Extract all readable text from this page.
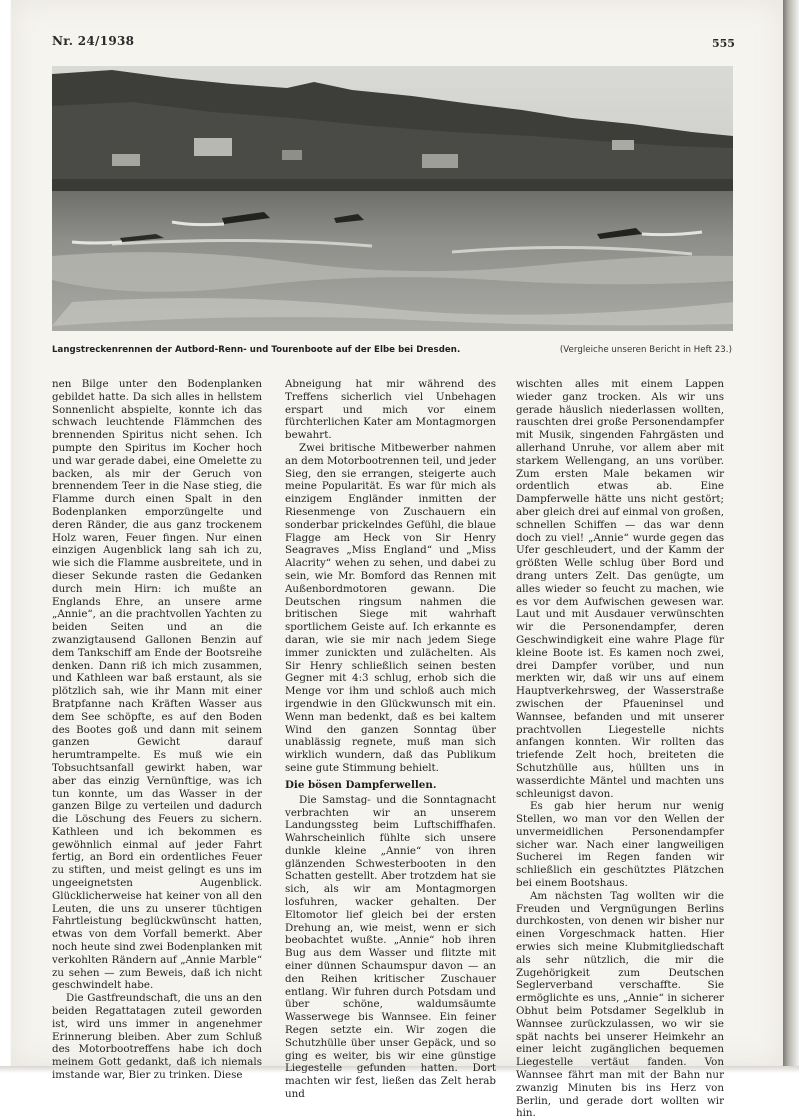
Nr. 24/1938	555
Langstreckenrennen der Autbord-Renn- und Tourenboote auf der Elbe bei Dresden.	(Vergleiche unseren Bericht in Heft 23.)

nen Bilge unter den Bodenplanken gebildet hatte. Da sich alles in hellstem Sonnenlicht abspielte, konnte ich das schwach leuchtende Flämmchen des brennenden Spiritus nicht sehen. Ich pumpte den Spiritus im Kocher hoch und war gerade dabei, eine Omelette zu backen, als mir der Geruch von brennendem Teer in die Nase stieg, die Flamme durch einen Spalt in den Bodenplanken emporzüngelte und deren Ränder, die aus ganz trockenem Holz waren, Feuer fingen. Nur einen einzigen Augenblick lang sah ich zu, wie sich die Flamme ausbreitete, und in dieser Sekunde rasten die Gedanken durch mein Hirn: ich mußte an Englands Ehre, an unsere arme „Annie“, an die prachtvollen Yachten zu beiden Seiten und an die zwanzigtausend Gallonen Benzin auf dem Tankschiff am Ende der Bootsreihe denken. Dann riß ich mich zusammen, und Kathleen war baß erstaunt, als sie plötzlich sah, wie ihr Mann mit einer Bratpfanne nach Kräften Wasser aus dem See schöpfte, es auf den Boden des Bootes goß und dann mit seinem ganzen Gewicht darauf herumtrampelte. Es muß wie ein Tobsuchtsanfall gewirkt haben, war aber das einzig Vernünftige, was ich tun konnte, um das Wasser in der ganzen Bilge zu verteilen und dadurch die Löschung des Feuers zu sichern. Kathleen und ich bekommen es gewöhnlich einmal auf jeder Fahrt fertig, an Bord ein ordentliches Feuer zu stiften, und meist gelingt es uns im ungeeignetsten Augenblick. Glücklicherweise hat keiner von all den Leuten, die uns zu unserer tüchtigen Fahrtleistung beglückwünscht hatten, etwas von dem Vorfall bemerkt. Aber noch heute sind zwei Bodenplanken mit verkohlten Rändern auf „Annie Marble“ zu sehen — zum Beweis, daß ich nicht geschwindelt habe.

Die Gastfreundschaft, die uns an den beiden Regattatagen zuteil geworden ist, wird uns immer in angenehmer Erinnerung bleiben. Aber zum Schluß des Motorbootreffens habe ich doch meinem Gott gedankt, daß ich niemals imstande war, Bier zu trinken. Diese

Abneigung hat mir während des Treffens sicherlich viel Unbehagen erspart und mich vor einem fürchterlichen Kater am Montagmorgen bewahrt.

Zwei britische Mitbewerber nahmen an dem Motorbootrennen teil, und jeder Sieg, den sie errangen, steigerte auch meine Popularität. Es war für mich als einzigem Engländer inmitten der Riesenmenge von Zuschauern ein sonderbar prickelndes Gefühl, die blaue Flagge am Heck von Sir Henry Seagraves „Miss England“ und „Miss Alacrity“ wehen zu sehen, und dabei zu sein, wie Mr. Bomford das Rennen mit Außenbordmotoren gewann. Die Deutschen ringsum nahmen die britischen Siege mit wahrhaft sportlichem Geiste auf. Ich erkannte es daran, wie sie mir nach jedem Siege immer zunickten und zulächelten. Als Sir Henry schließlich seinen besten Gegner mit 4:3 schlug, erhob sich die Menge vor ihm und schloß auch mich irgendwie in den Glückwunsch mit ein. Wenn man bedenkt, daß es bei kaltem Wind den ganzen Sonntag über unablässig regnete, muß man sich wirklich wundern, daß das Publikum seine gute Stimmung behielt.

Die bösen Dampferwellen.

Die Samstag- und die Sonntagnacht verbrachten wir an unserem Landungssteg beim Luftschiffhafen. Wahrscheinlich fühlte sich unsere dunkle kleine „Annie“ von ihren glänzenden Schwesterbooten in den Schatten gestellt. Aber trotzdem hat sie sich, als wir am Montagmorgen losfuhren, wacker gehalten. Der Eltomotor lief gleich bei der ersten Drehung an, wie meist, wenn er sich beobachtet wußte. „Annie“ hob ihren Bug aus dem Wasser und flitzte mit einer dünnen Schaumspur davon — an den Reihen kritischer Zuschauer entlang. Wir fuhren durch Potsdam und über schöne, waldumsäumte Wasserwege bis Wannsee. Ein feiner Regen setzte ein. Wir zogen die Schutzhülle über unser Gepäck, und so ging es weiter, bis wir eine günstige Liegestelle gefunden hatten. Dort machten wir fest, ließen das Zelt herab und

wischten alles mit einem Lappen wieder ganz trocken. Als wir uns gerade häuslich niederlassen wollten, rauschten drei große Personendampfer mit Musik, singenden Fahrgästen und allerhand Unruhe, vor allem aber mit starkem Wellengang, an uns vorüber. Zum ersten Male bekamen wir ordentlich etwas ab. Eine Dampferwelle hätte uns nicht gestört; aber gleich drei auf einmal von großen, schnellen Schiffen — das war denn doch zu viel! „Annie“ wurde gegen das Ufer geschleudert, und der Kamm der größten Welle schlug über Bord und drang unters Zelt. Das genügte, um alles wieder so feucht zu machen, wie es vor dem Aufwischen gewesen war. Laut und mit Ausdauer verwünschten wir die Personendampfer, deren Geschwindigkeit eine wahre Plage für kleine Boote ist. Es kamen noch zwei, drei Dampfer vorüber, und nun merkten wir, daß wir uns auf einem Hauptverkehrsweg, der Wasserstraße zwischen der Pfaueninsel und Wannsee, befanden und mit unserer prachtvollen Liegestelle nichts anfangen konnten. Wir rollten das triefende Zelt hoch, breiteten die Schutzhülle aus, hüllten uns in wasserdichte Mäntel und machten uns schleunigst davon.

Es gab hier herum nur wenig Stellen, wo man vor den Wellen der unvermeidlichen Personendampfer sicher war. Nach einer langweiligen Sucherei im Regen fanden wir schließlich ein geschütztes Plätzchen bei einem Bootshaus.

Am nächsten Tag wollten wir die Freuden und Vergnügungen Berlins durchkosten, von denen wir bisher nur einen Vorgeschmack hatten. Hier erwies sich meine Klubmitgliedschaft als sehr nützlich, die mir die Zugehörigkeit zum Deutschen Seglerverband verschaffte. Sie ermöglichte es uns, „Annie“ in sicherer Obhut beim Potsdamer Segelklub in Wannsee zurückzulassen, wo wir sie spät nachts bei unserer Heimkehr an einer leicht zugänglichen bequemen Liegestelle vertäut fanden. Von Wannsee fährt man mit der Bahn nur zwanzig Minuten bis ins Herz von Berlin, und gerade dort wollten wir hin.
